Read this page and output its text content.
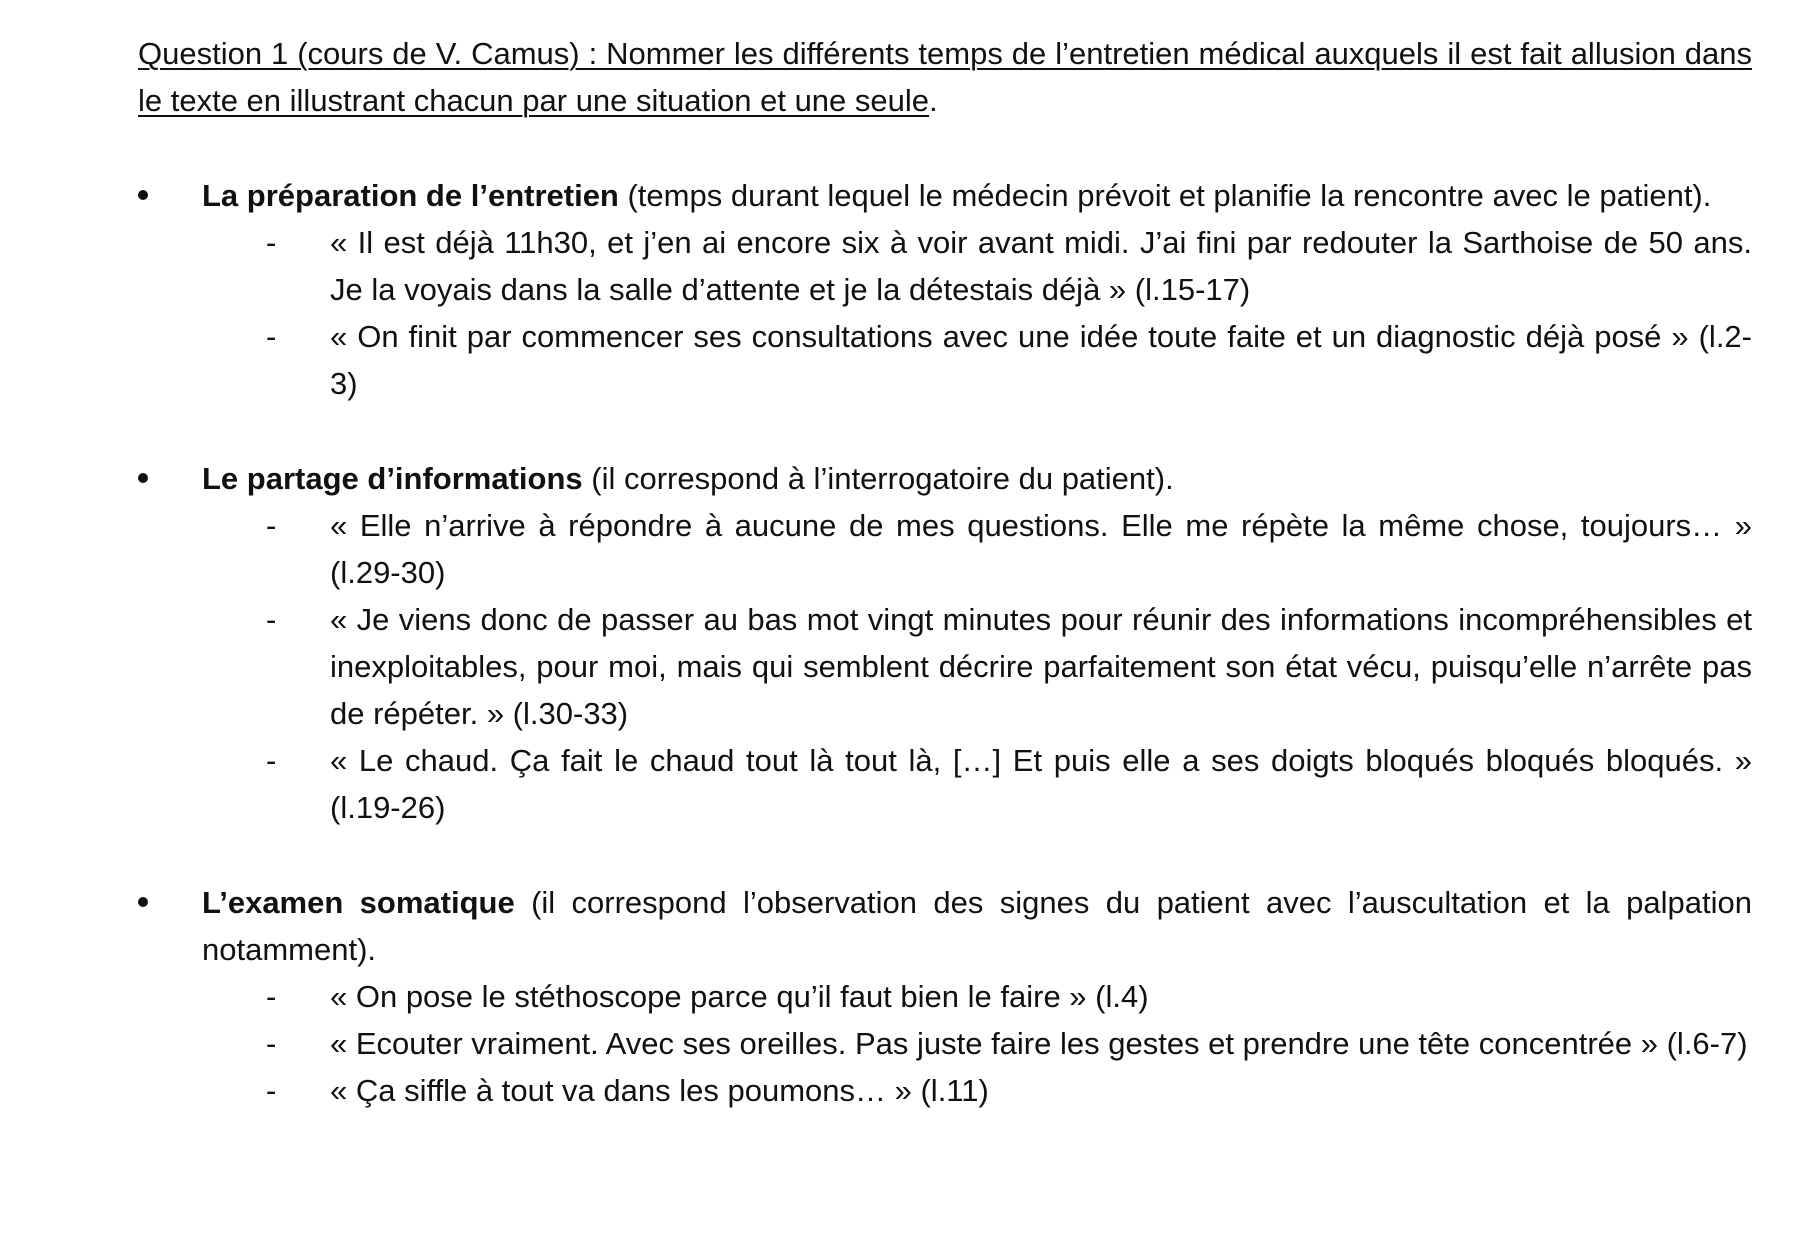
Question 1 (cours de V. Camus) : Nommer les différents temps de l’entretien médical auxquels il est fait allusion dans le texte en illustrant chacun par une situation et une seule.

La préparation de l’entretien (temps durant lequel le médecin prévoit et planifie la rencontre avec le patient).
- « Il est déjà 11h30, et j’en ai encore six à voir avant midi. J’ai fini par redouter la Sarthoise de 50 ans. Je la voyais dans la salle d’attente et je la détestais déjà » (l.15-17)
- « On finit par commencer ses consultations avec une idée toute faite et un diagnostic déjà posé » (l.2-3)
Le partage d’informations (il correspond à l’interrogatoire du patient).
- « Elle n’arrive à répondre à aucune de mes questions. Elle me répète la même chose, toujours… » (l.29-30)
- « Je viens donc de passer au bas mot vingt minutes pour réunir des informations incompréhensibles et inexploitables, pour moi, mais qui semblent décrire parfaitement son état vécu, puisqu’elle n’arrête pas de répéter. » (l.30-33)
- « Le chaud. Ça fait le chaud tout là tout là, […] Et puis elle a ses doigts bloqués bloqués bloqués. » (l.19-26)
L’examen somatique (il correspond l’observation des signes du patient avec l’auscultation et la palpation notamment).
- « On pose le stéthoscope parce qu’il faut bien le faire » (l.4)
- « Ecouter vraiment. Avec ses oreilles. Pas juste faire les gestes et prendre une tête concentrée » (l.6-7)
- « Ça siffle à tout va dans les poumons… » (l.11)
